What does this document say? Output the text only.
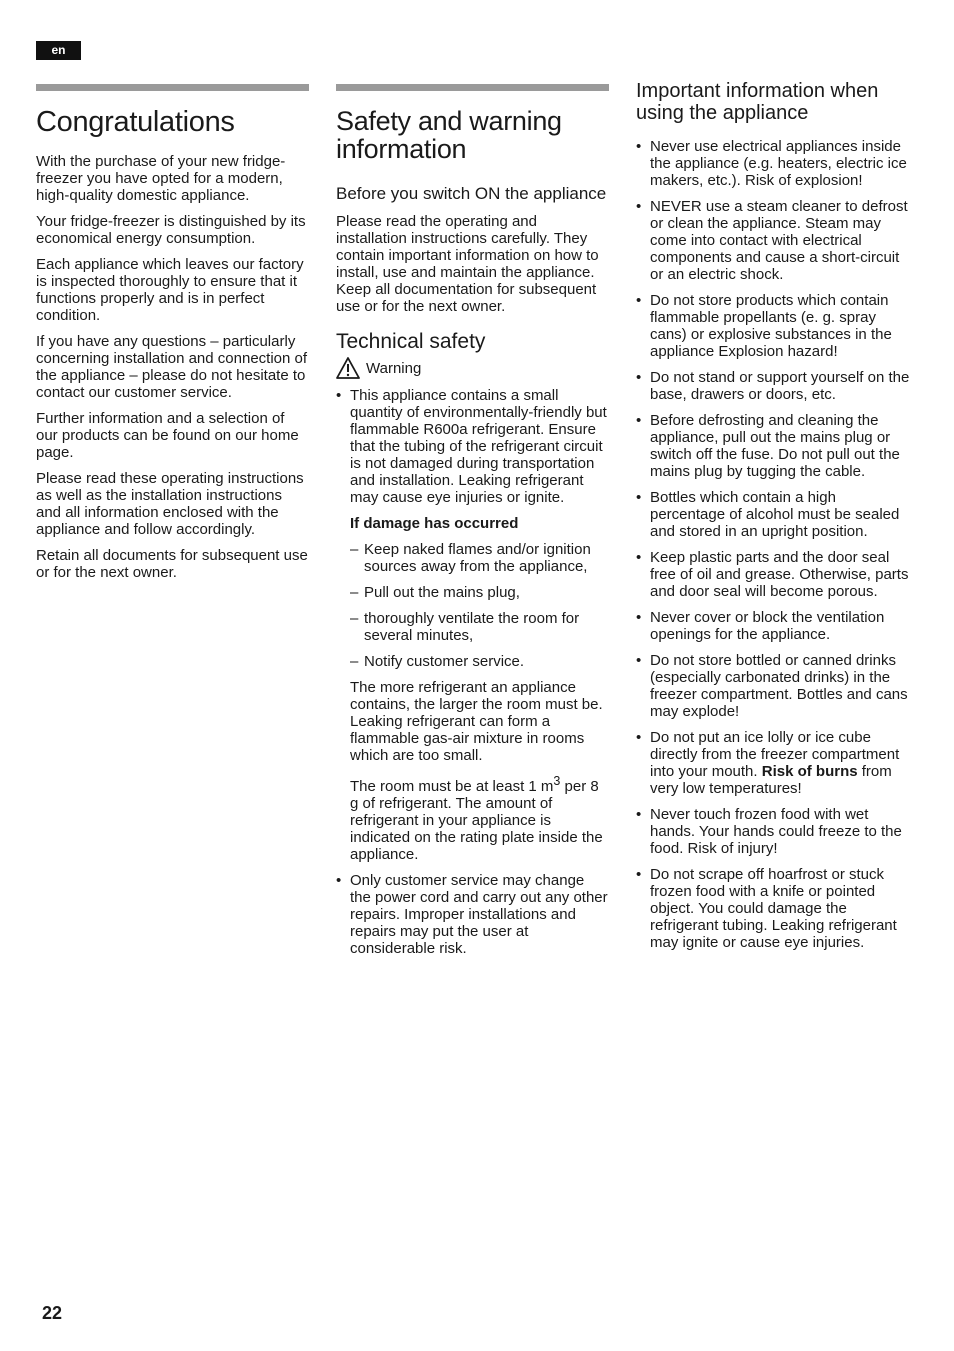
en
Congratulations

With the purchase of your new fridge-freezer you have opted for a modern, high-quality domestic appliance.

Your fridge-freezer is distinguished by its economical energy consumption.

Each appliance which leaves our factory is inspected thoroughly to ensure that it functions properly and is in perfect condition.

If you have any questions – particularly concerning installation and connection of the appliance – please do not hesitate to contact our customer service.

Further information and a selection of our products can be found on our home page.

Please read these operating instructions as well as the installation instructions and all information enclosed with the appliance and follow accordingly.

Retain all documents for subsequent use or for the next owner.

Safety and warning information
Before you switch ON the appliance

Please read the operating and installation instructions carefully. They contain important information on how to install, use and maintain the appliance. Keep all documentation for subsequent use or for the next owner.

Technical safety
Warning
• This appliance contains a small quantity of environmentally-friendly but flammable R600a refrigerant. Ensure that the tubing of the refrigerant circuit is not damaged during transportation and installation. Leaking refrigerant may cause eye injuries or ignite.

If damage has occurred

– Keep naked flames and/or ignition sources away from the appliance,
– Pull out the mains plug,
– thoroughly ventilate the room for several minutes,
– Notify customer service.

The more refrigerant an appliance contains, the larger the room must be. Leaking refrigerant can form a flammable gas-air mixture in rooms which are too small.

The room must be at least 1 $m^3$ per 8 g of refrigerant. The amount of refrigerant in your appliance is indicated on the rating plate inside the appliance.

• Only customer service may change the power cord and carry out any other repairs. Improper installations and repairs may put the user at considerable risk.
Important information when using the appliance
• Never use electrical appliances inside the appliance (e.g. heaters, electric ice makers, etc.). Risk of explosion!
• NEVER use a steam cleaner to defrost or clean the appliance. Steam may come into contact with electrical components and cause a short-circuit or an electric shock.
• Do not store products which contain flammable propellants (e. g. spray cans) or explosive substances in the appliance Explosion hazard!
• Do not stand or support yourself on the base, drawers or doors, etc.
• Before defrosting and cleaning the appliance, pull out the mains plug or switch off the fuse. Do not pull out the mains plug by tugging the cable.
• Bottles which contain a high percentage of alcohol must be sealed and stored in an upright position.
• Keep plastic parts and the door seal free of oil and grease. Otherwise, parts and door seal will become porous.
• Never cover or block the ventilation openings for the appliance.
• Do not store bottled or canned drinks (especially carbonated drinks) in the freezer compartment. Bottles and cans may explode!
• Do not put an ice lolly or ice cube directly from the freezer compartment into your mouth. Risk of burns from very low temperatures!
• Never touch frozen food with wet hands. Your hands could freeze to the food. Risk of injury!
• Do not scrape off hoarfrost or stuck frozen food with a knife or pointed object. You could damage the refrigerant tubing. Leaking refrigerant may ignite or cause eye injuries.
22
